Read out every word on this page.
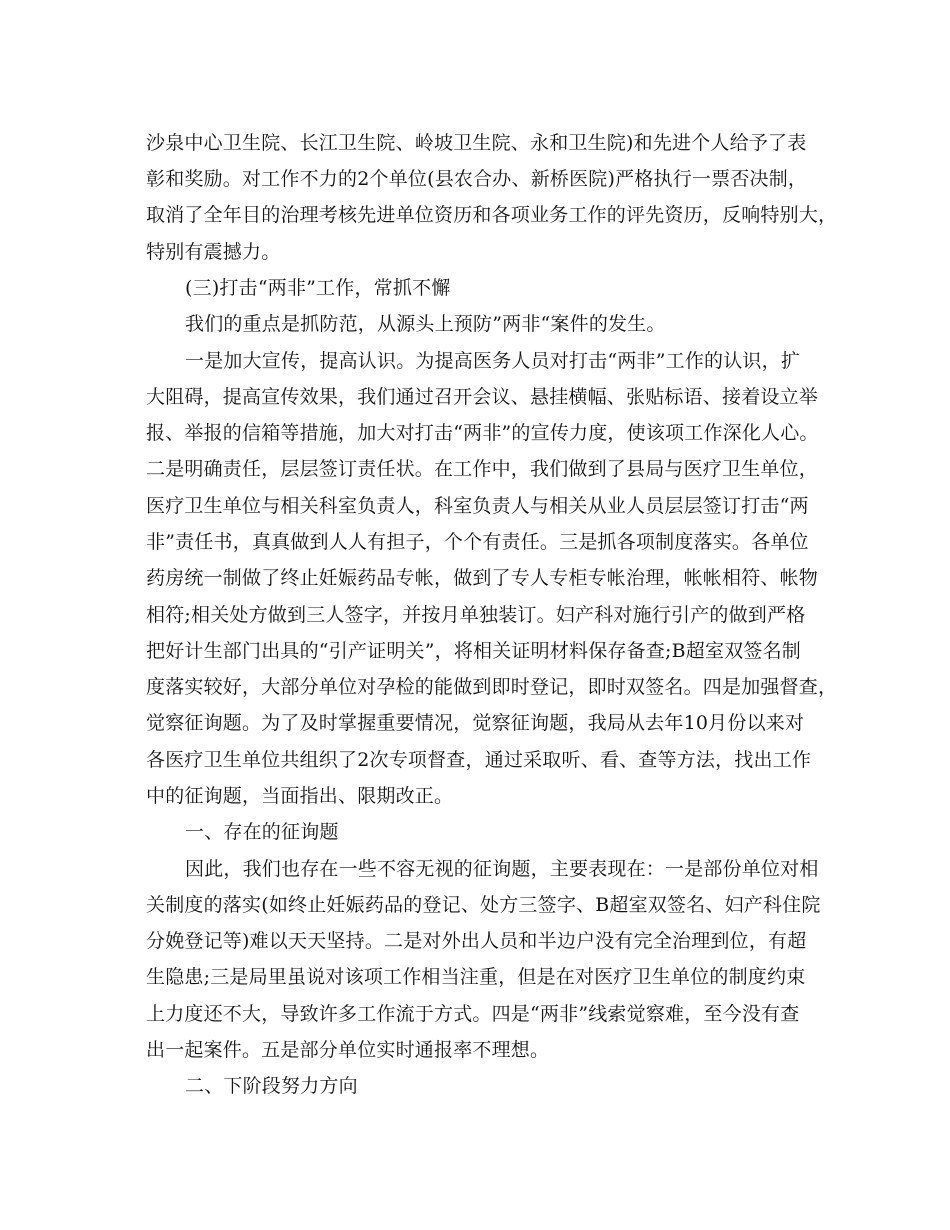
沙泉中心卫生院、长江卫生院、岭坡卫生院、永和卫生院)和先进个人给予了表
彰和奖励。对工作不力的2个单位(县农合办、新桥医院)严格执行一票否决制，
取消了全年目的治理考核先进单位资历和各项业务工作的评先资历，反响特别大，
特别有震撼力。
(三)打击“两非”工作，常抓不懈
我们的重点是抓防范，从源头上预防”两非“案件的发生。
一是加大宣传，提高认识。为提高医务人员对打击“两非”工作的认识，扩
大阻碍，提高宣传效果，我们通过召开会议、悬挂横幅、张贴标语、接着设立举
报、举报的信箱等措施，加大对打击“两非”的宣传力度，使该项工作深化人心。
二是明确责任，层层签订责任状。在工作中，我们做到了县局与医疗卫生单位，
医疗卫生单位与相关科室负责人，科室负责人与相关从业人员层层签订打击“两
非”责任书，真真做到人人有担子，个个有责任。三是抓各项制度落实。各单位
药房统一制做了终止妊娠药品专帐，做到了专人专柜专帐治理，帐帐相符、帐物
相符;相关处方做到三人签字，并按月单独装订。妇产科对施行引产的做到严格
把好计生部门出具的“引产证明关”，将相关证明材料保存备查;B超室双签名制
度落实较好，大部分单位对孕检的能做到即时登记，即时双签名。四是加强督查，
觉察征询题。为了及时掌握重要情况，觉察征询题，我局从去年10月份以来对
各医疗卫生单位共组织了2次专项督查，通过采取听、看、查等方法，找出工作
中的征询题，当面指出、限期改正。
一、存在的征询题
因此，我们也存在一些不容无视的征询题，主要表现在：一是部份单位对相
关制度的落实(如终止妊娠药品的登记、处方三签字、B超室双签名、妇产科住院
分娩登记等)难以天天坚持。二是对外出人员和半边户没有完全治理到位，有超
生隐患;三是局里虽说对该项工作相当注重，但是在对医疗卫生单位的制度约束
上力度还不大，导致许多工作流于方式。四是“两非”线索觉察难，至今没有查
出一起案件。五是部分单位实时通报率不理想。
二、下阶段努力方向
